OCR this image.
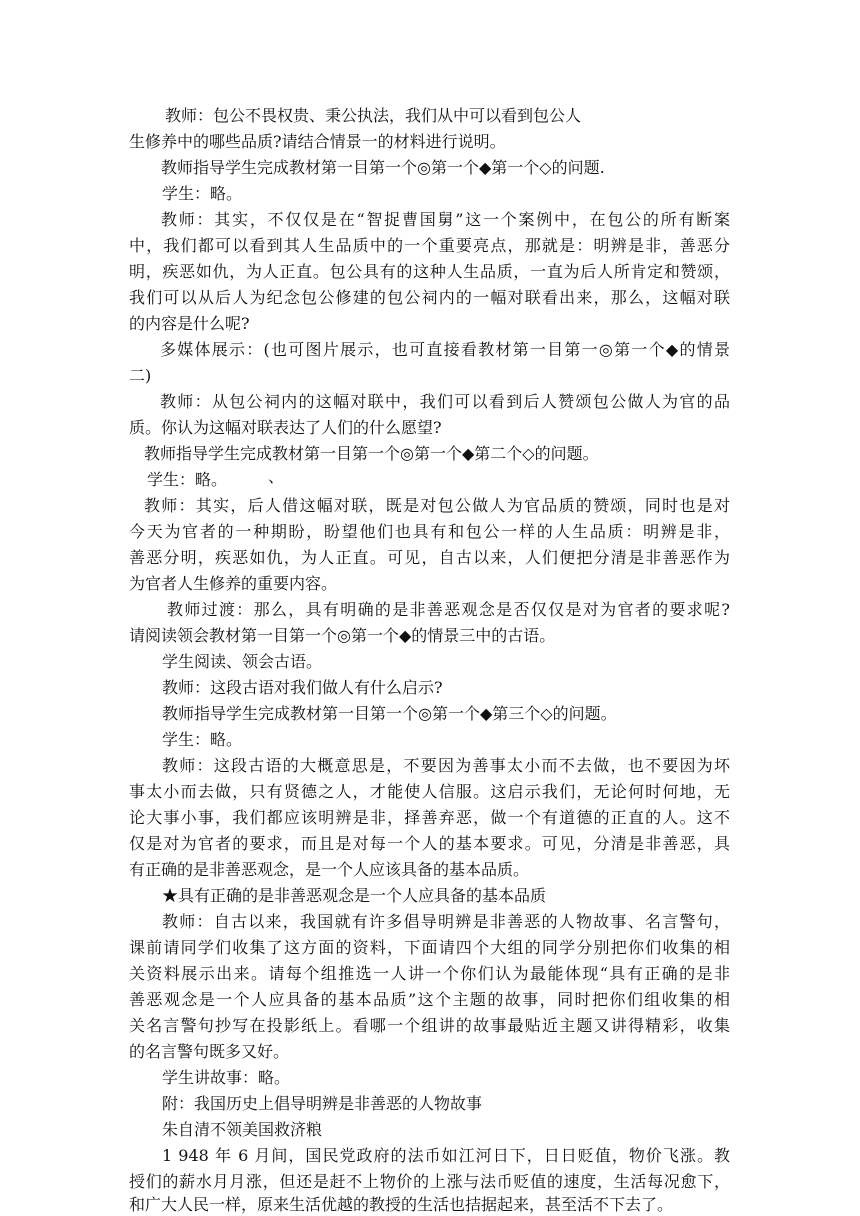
教师：包公不畏权贵、秉公执法，我们从中可以看到包公人
生修养中的哪些品质?请结合情景一的材料进行说明。
教师指导学生完成教材第一目第一个◎第一个◆第一个◇的问题.
学生：略。
教师：其实，不仅仅是在“智捉曹国舅”这一个案例中，在包公的所有断案
中，我们都可以看到其人生品质中的一个重要亮点，那就是：明辨是非，善恶分
明，疾恶如仇，为人正直。包公具有的这种人生品质，一直为后人所肯定和赞颂，
我们可以从后人为纪念包公修建的包公祠内的一幅对联看出来，那么，这幅对联
的内容是什么呢?
多媒体展示：(也可图片展示，也可直接看教材第一目第一◎第一个◆的情景
二)
教师：从包公祠内的这幅对联中，我们可以看到后人赞颂包公做人为官的品
质。你认为这幅对联表达了人们的什么愿望?
教师指导学生完成教材第一目第一个◎第一个◆第二个◇的问题。
学生：略。	、
教师：其实，后人借这幅对联，既是对包公做人为官品质的赞颂，同时也是对
今天为官者的一种期盼，盼望他们也具有和包公一样的人生品质：明辨是非，
善恶分明，疾恶如仇，为人正直。可见，自古以来，人们便把分清是非善恶作为
为官者人生修养的重要内容。
教师过渡：那么，具有明确的是非善恶观念是否仅仅是对为官者的要求呢?
请阅读领会教材第一目第一个◎第一个◆的情景三中的古语。
学生阅读、领会古语。
教师：这段古语对我们做人有什么启示?
教师指导学生完成教材第一目第一个◎第一个◆第三个◇的问题。
学生：略。
教师：这段古语的大概意思是，不要因为善事太小而不去做，也不要因为坏
事太小而去做，只有贤德之人，才能使人信服。这启示我们，无论何时何地，无
论大事小事，我们都应该明辨是非，择善弃恶，做一个有道德的正直的人。这不
仅是对为官者的要求，而且是对每一个人的基本要求。可见，分清是非善恶，具
有正确的是非善恶观念，是一个人应该具备的基本品质。
★具有正确的是非善恶观念是一个人应具备的基本品质
教师：自古以来，我国就有许多倡导明辨是非善恶的人物故事、名言警句，
课前请同学们收集了这方面的资料，下面请四个大组的同学分别把你们收集的相
关资料展示出来。请每个组推选一人讲一个你们认为最能体现“具有正确的是非
善恶观念是一个人应具备的基本品质”这个主题的故事，同时把你们组收集的相
关名言警句抄写在投影纸上。看哪一个组讲的故事最贴近主题又讲得精彩，收集
的名言警句既多又好。
学生讲故事：略。
附：我国历史上倡导明辨是非善恶的人物故事
朱自清不领美国救济粮
1 948 年 6 月间，国民党政府的法币如江河日下，日日贬值，物价飞涨。教
授们的薪水月月涨，但还是赶不上物价的上涨与法币贬值的速度，生活每况愈下，
和广大人民一样，原来生活优越的教授的生活也拮据起来，甚至活不下去了。
